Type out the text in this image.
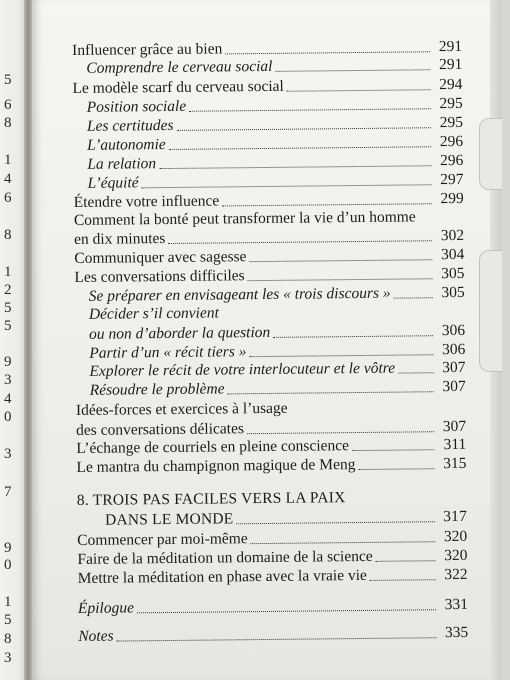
5
6
8
1
4
6
8
1
2
5
5
9
3
4
0
3
7
9
0
1
5
8
3
Influencer grâce au bien	291
Comprendre le cerveau social	291
Le modèle scarf du cerveau social	294
Position sociale	295
Les certitudes	295
L’autonomie	296
La relation	296
L’équité	297
Étendre votre influence	299
Comment la bonté peut transformer la vie d’un homme
en dix minutes	302
Communiquer avec sagesse	304
Les conversations difficiles	305
Se préparer en envisageant les « trois discours »	305
Décider s’il convient
ou non d’aborder la question	306
Partir d’un « récit tiers »	306
Explorer le récit de votre interlocuteur et le vôtre	307
Résoudre le problème	307
Idées-forces et exercices à l’usage
des conversations délicates	307
L’échange de courriels en pleine conscience	311
Le mantra du champignon magique de Meng	315
8. TROIS PAS FACILES VERS LA PAIX
DANS LE MONDE	317
Commencer par moi-même	320
Faire de la méditation un domaine de la science	320
Mettre la méditation en phase avec la vraie vie	322
Épilogue	331
Notes	335
